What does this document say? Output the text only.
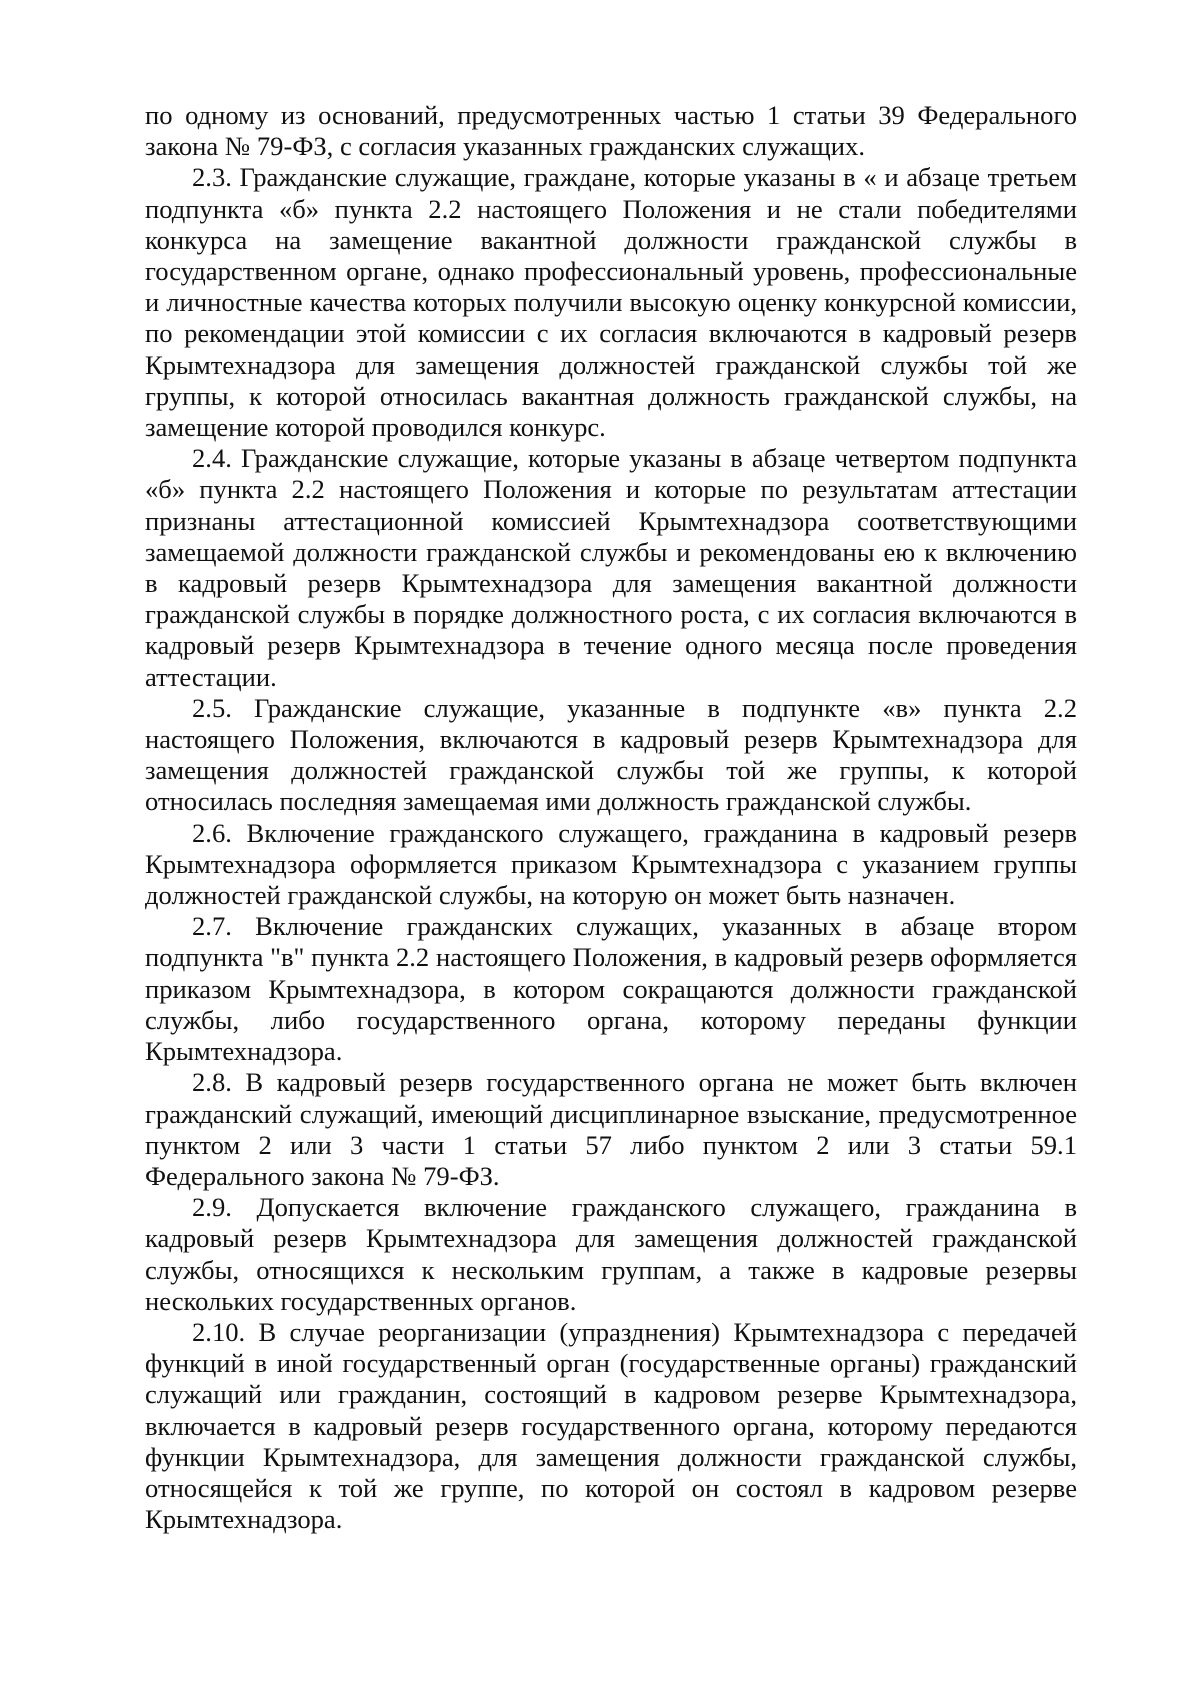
по одному из оснований, предусмотренных частью 1 статьи 39 Федерального закона № 79-ФЗ, с согласия указанных гражданских служащих.

2.3. Гражданские служащие, граждане, которые указаны в « и абзаце третьем подпункта «б» пункта 2.2 настоящего Положения и не стали победителями конкурса на замещение вакантной должности гражданской службы в государственном органе, однако профессиональный уровень, профессиональные и личностные качества которых получили высокую оценку конкурсной комиссии, по рекомендации этой комиссии с их согласия включаются в кадровый резерв Крымтехнадзора для замещения должностей гражданской службы той же группы, к которой относилась вакантная должность гражданской службы, на замещение которой проводился конкурс.

2.4. Гражданские служащие, которые указаны в абзаце четвертом подпункта «б» пункта 2.2 настоящего Положения и которые по результатам аттестации признаны аттестационной комиссией Крымтехнадзора соответствующими замещаемой должности гражданской службы и рекомендованы ею к включению в кадровый резерв Крымтехнадзора для замещения вакантной должности гражданской службы в порядке должностного роста, с их согласия включаются в кадровый резерв Крымтехнадзора в течение одного месяца после проведения аттестации.

2.5. Гражданские служащие, указанные в подпункте «в» пункта 2.2 настоящего Положения, включаются в кадровый резерв Крымтехнадзора для замещения должностей гражданской службы той же группы, к которой относилась последняя замещаемая ими должность гражданской службы.

2.6. Включение гражданского служащего, гражданина в кадровый резерв Крымтехнадзора оформляется приказом Крымтехнадзора с указанием группы должностей гражданской службы, на которую он может быть назначен.

2.7. Включение гражданских служащих, указанных в абзаце втором подпункта "в" пункта 2.2 настоящего Положения, в кадровый резерв оформляется приказом Крымтехнадзора, в котором сокращаются должности гражданской службы, либо государственного органа, которому переданы функции Крымтехнадзора.

2.8. В кадровый резерв государственного органа не может быть включен гражданский служащий, имеющий дисциплинарное взыскание, предусмотренное пунктом 2 или 3 части 1 статьи 57 либо пунктом 2 или 3 статьи 59.1 Федерального закона № 79-ФЗ.

2.9. Допускается включение гражданского служащего, гражданина в кадровый резерв Крымтехнадзора для замещения должностей гражданской службы, относящихся к нескольким группам, а также в кадровые резервы нескольких государственных органов.

2.10. В случае реорганизации (упразднения) Крымтехнадзора с передачей функций в иной государственный орган (государственные органы) гражданский служащий или гражданин, состоящий в кадровом резерве Крымтехнадзора, включается в кадровый резерв государственного органа, которому передаются функции Крымтехнадзора, для замещения должности гражданской службы, относящейся к той же группе, по которой он состоял в кадровом резерве Крымтехнадзора.
